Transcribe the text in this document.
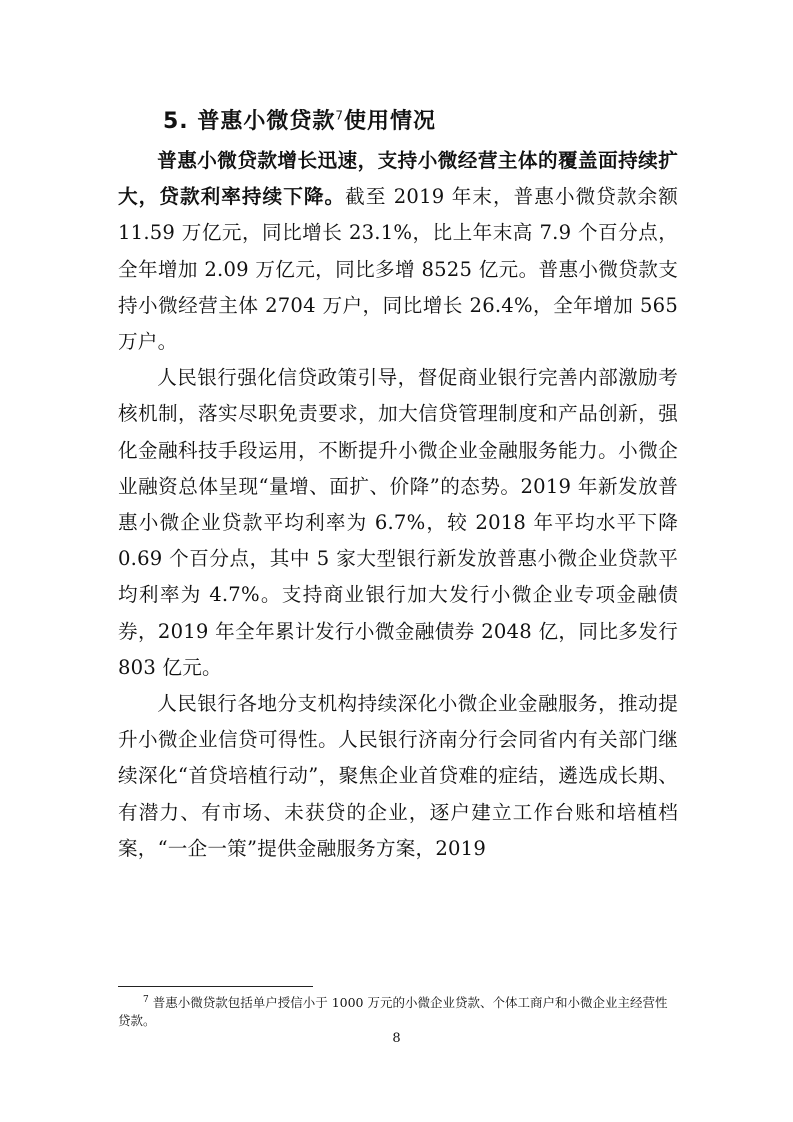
5. 普惠小微贷款$^7$使用情况

普惠小微贷款增长迅速，支持小微经营主体的覆盖面持续扩大，贷款利率持续下降。截至 2019 年末，普惠小微贷款余额 11.59 万亿元，同比增长 23.1%，比上年末高 7.9 个百分点，全年增加 2.09 万亿元，同比多增 8525 亿元。普惠小微贷款支持小微经营主体 2704 万户，同比增长 26.4%，全年增加 565 万户。

人民银行强化信贷政策引导，督促商业银行完善内部激励考核机制，落实尽职免责要求，加大信贷管理制度和产品创新，强化金融科技手段运用，不断提升小微企业金融服务能力。小微企业融资总体呈现“量增、面扩、价降”的态势。2019 年新发放普惠小微企业贷款平均利率为 6.7%，较 2018 年平均水平下降 0.69 个百分点，其中 5 家大型银行新发放普惠小微企业贷款平均利率为 4.7%。支持商业银行加大发行小微企业专项金融债券，2019 年全年累计发行小微金融债券 2048 亿，同比多发行 803 亿元。

人民银行各地分支机构持续深化小微企业金融服务，推动提升小微企业信贷可得性。人民银行济南分行会同省内有关部门继续深化“首贷培植行动”，聚焦企业首贷难的症结，遴选成长期、有潜力、有市场、未获贷的企业，逐户建立工作台账和培植档案，“一企一策”提供金融服务方案，2019

$^7$ 普惠小微贷款包括单户授信小于 1000 万元的小微企业贷款、个体工商户和小微企业主经营性贷款。
8
